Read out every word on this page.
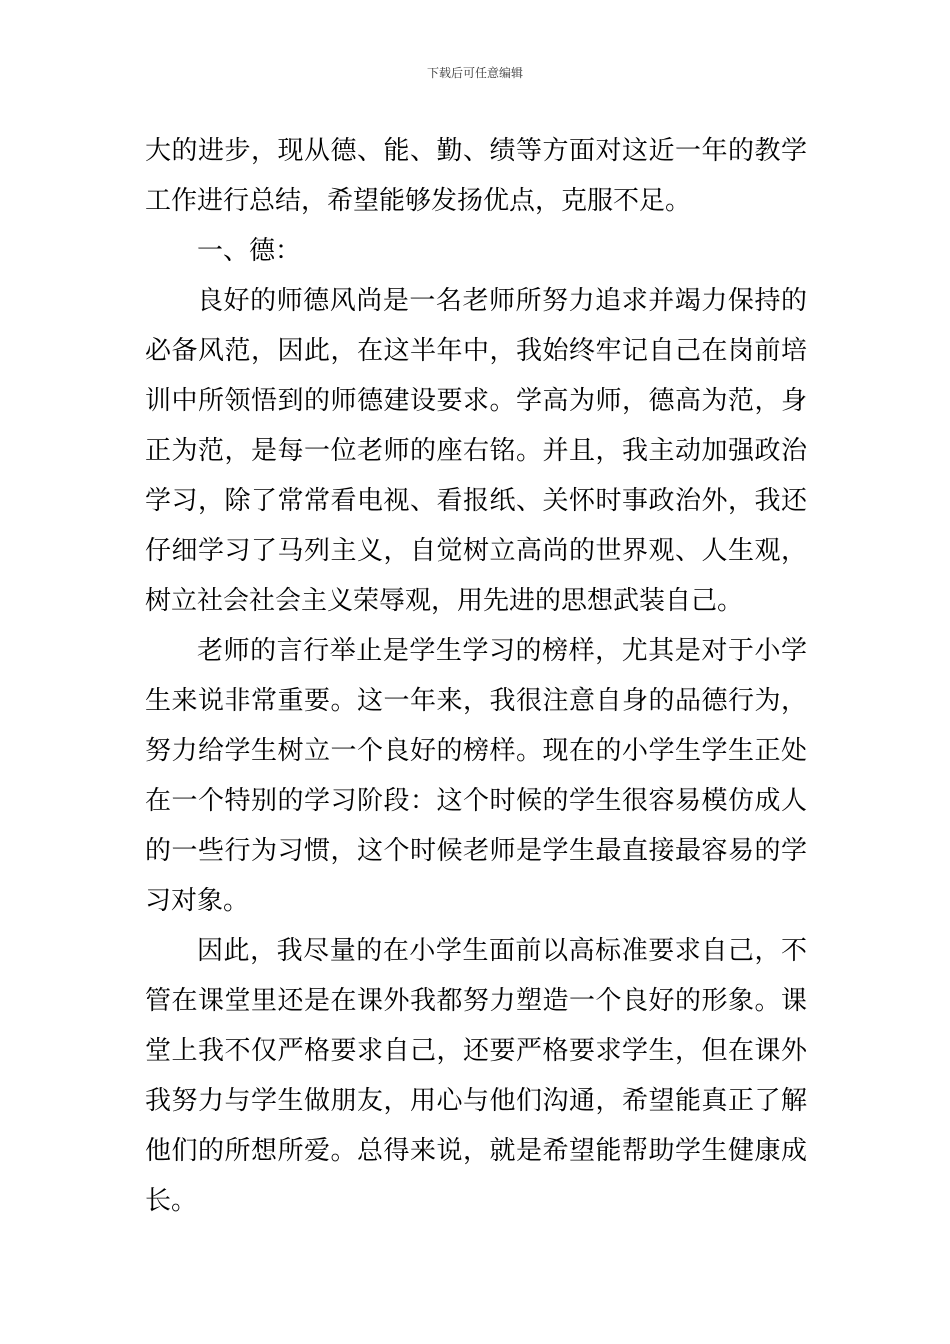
下载后可任意编辑

大的进步，现从德、能、勤、绩等方面对这近一年的教学工作进行总结，希望能够发扬优点，克服不足。

一、德：

良好的师德风尚是一名老师所努力追求并竭力保持的必备风范，因此，在这半年中，我始终牢记自己在岗前培训中所领悟到的师德建设要求。学高为师，德高为范，身正为范，是每一位老师的座右铭。并且，我主动加强政治学习，除了常常看电视、看报纸、关怀时事政治外，我还仔细学习了马列主义，自觉树立高尚的世界观、人生观，树立社会社会主义荣辱观，用先进的思想武装自己。

老师的言行举止是学生学习的榜样，尤其是对于小学生来说非常重要。这一年来，我很注意自身的品德行为，努力给学生树立一个良好的榜样。现在的小学生学生正处在一个特别的学习阶段：这个时候的学生很容易模仿成人的一些行为习惯，这个时候老师是学生最直接最容易的学习对象。

因此，我尽量的在小学生面前以高标准要求自己，不管在课堂里还是在课外我都努力塑造一个良好的形象。课堂上我不仅严格要求自己，还要严格要求学生，但在课外我努力与学生做朋友，用心与他们沟通，希望能真正了解他们的所想所爱。总得来说，就是希望能帮助学生健康成长。
